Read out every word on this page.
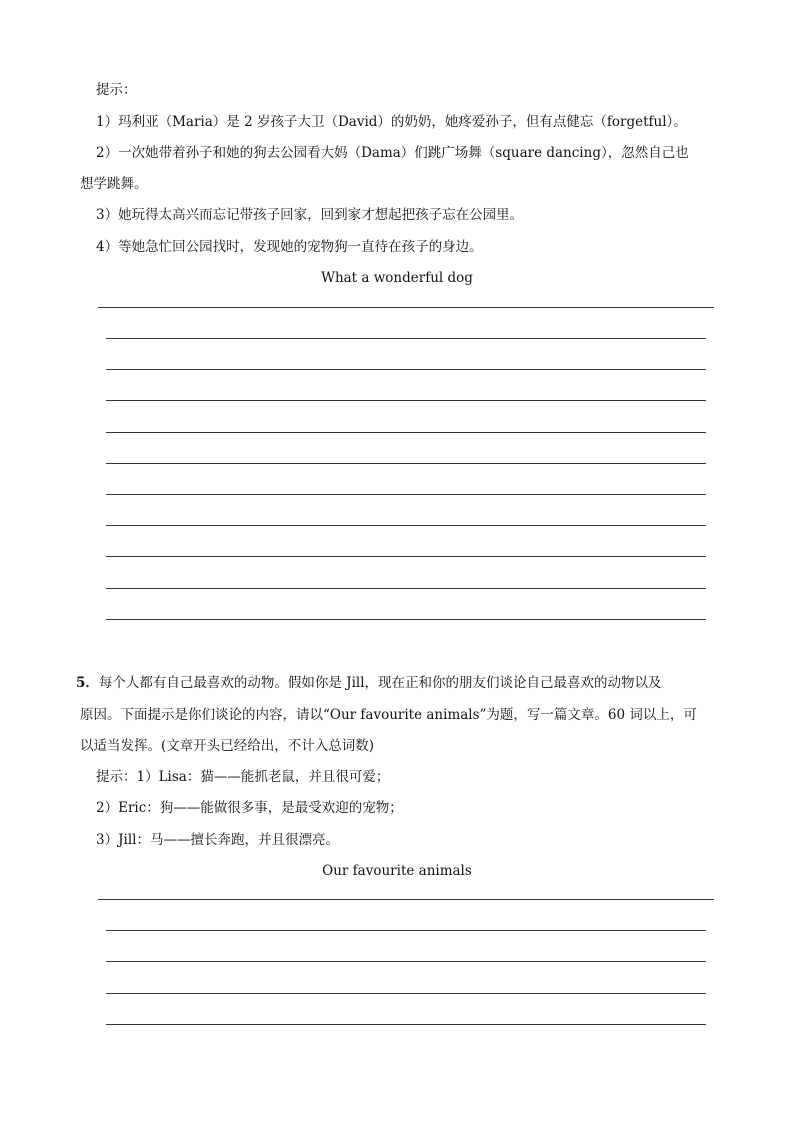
提示：
1）玛利亚（Maria）是 2 岁孩子大卫（David）的奶奶，她疼爱孙子，但有点健忘（forgetful）。
2）一次她带着孙子和她的狗去公园看大妈（Dama）们跳广场舞（square dancing），忽然自己也
想学跳舞。
3）她玩得太高兴而忘记带孩子回家，回到家才想起把孩子忘在公园里。
4）等她急忙回公园找时，发现她的宠物狗一直待在孩子的身边。
What a wonderful dog
5．每个人都有自己最喜欢的动物。假如你是 Jill，现在正和你的朋友们谈论自己最喜欢的动物以及
原因。下面提示是你们谈论的内容，请以“Our favourite animals”为题，写一篇文章。60 词以上，可
以适当发挥。(文章开头已经给出，不计入总词数)
提示：1）Lisa：猫——能抓老鼠，并且很可爱；
2）Eric：狗——能做很多事，是最受欢迎的宠物；
3）Jill：马——擅长奔跑，并且很漂亮。
Our favourite animals
